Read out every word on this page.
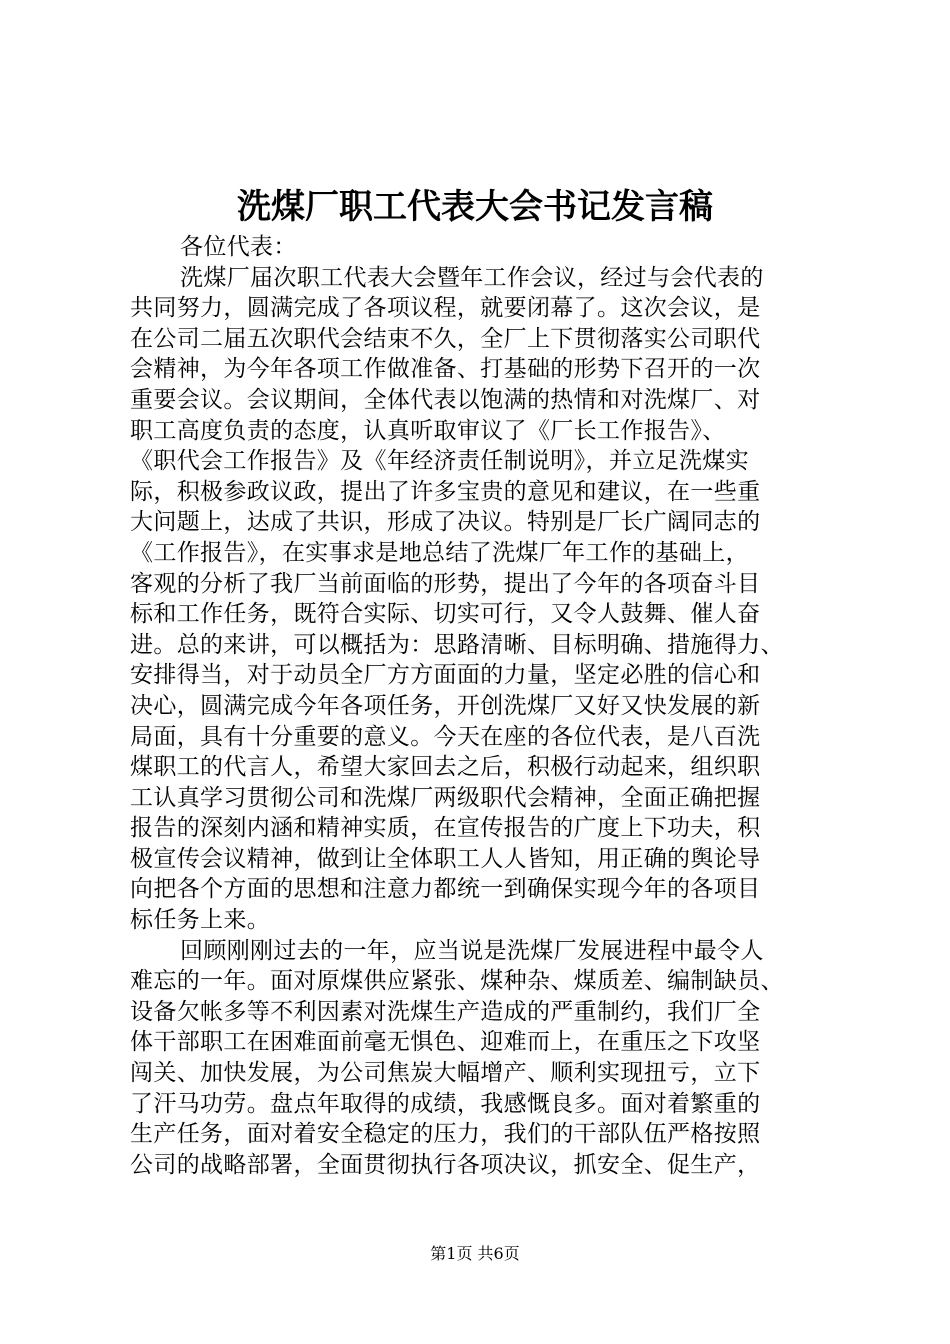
洗煤厂职工代表大会书记发言稿
各位代表：
洗煤厂届次职工代表大会暨年工作会议，经过与会代表的
共同努力，圆满完成了各项议程，就要闭幕了。这次会议，是
在公司二届五次职代会结束不久，全厂上下贯彻落实公司职代
会精神，为今年各项工作做准备、打基础的形势下召开的一次
重要会议。会议期间，全体代表以饱满的热情和对洗煤厂、对
职工高度负责的态度，认真听取审议了《厂长工作报告》、
《职代会工作报告》及《年经济责任制说明》，并立足洗煤实
际，积极参政议政，提出了许多宝贵的意见和建议，在一些重
大问题上，达成了共识，形成了决议。特别是厂长广阔同志的
《工作报告》，在实事求是地总结了洗煤厂年工作的基础上，
客观的分析了我厂当前面临的形势，提出了今年的各项奋斗目
标和工作任务，既符合实际、切实可行，又令人鼓舞、催人奋
进。总的来讲，可以概括为：思路清晰、目标明确、措施得力、
安排得当，对于动员全厂方方面面的力量，坚定必胜的信心和
决心，圆满完成今年各项任务，开创洗煤厂又好又快发展的新
局面，具有十分重要的意义。今天在座的各位代表，是八百洗
煤职工的代言人，希望大家回去之后，积极行动起来，组织职
工认真学习贯彻公司和洗煤厂两级职代会精神，全面正确把握
报告的深刻内涵和精神实质，在宣传报告的广度上下功夫，积
极宣传会议精神，做到让全体职工人人皆知，用正确的舆论导
向把各个方面的思想和注意力都统一到确保实现今年的各项目
标任务上来。
回顾刚刚过去的一年，应当说是洗煤厂发展进程中最令人
难忘的一年。面对原煤供应紧张、煤种杂、煤质差、编制缺员、
设备欠帐多等不利因素对洗煤生产造成的严重制约，我们厂全
体干部职工在困难面前毫无惧色、迎难而上，在重压之下攻坚
闯关、加快发展，为公司焦炭大幅增产、顺利实现扭亏，立下
了汗马功劳。盘点年取得的成绩，我感慨良多。面对着繁重的
生产任务，面对着安全稳定的压力，我们的干部队伍严格按照
公司的战略部署，全面贯彻执行各项决议，抓安全、促生产，
第1页 共6页
